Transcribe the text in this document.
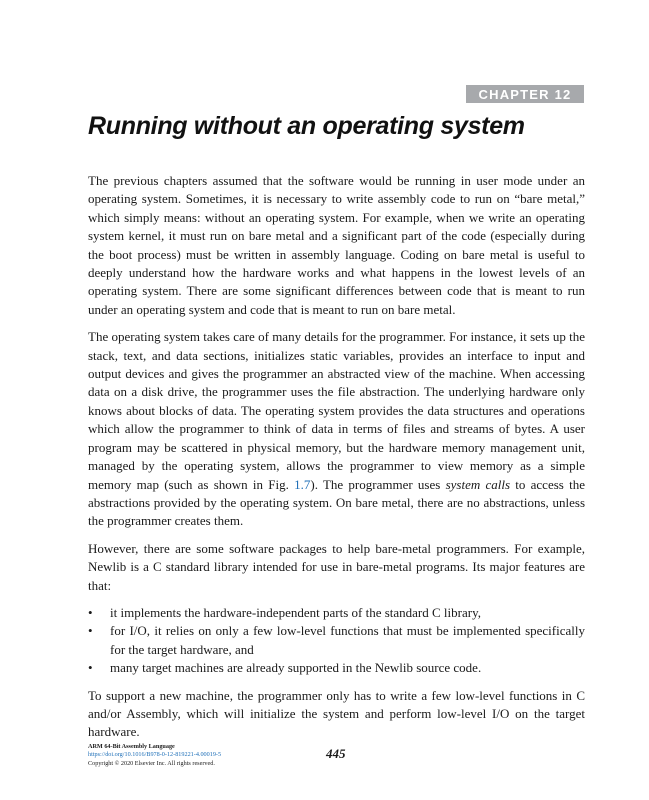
CHAPTER 12
Running without an operating system

The previous chapters assumed that the software would be running in user mode under an operating system. Sometimes, it is necessary to write assembly code to run on “bare metal,” which simply means: without an operating system. For example, when we write an operating system kernel, it must run on bare metal and a significant part of the code (especially during the boot process) must be written in assembly language. Coding on bare metal is useful to deeply understand how the hardware works and what happens in the lowest levels of an operating system. There are some significant differences between code that is meant to run under an operating system and code that is meant to run on bare metal.

The operating system takes care of many details for the programmer. For instance, it sets up the stack, text, and data sections, initializes static variables, provides an interface to input and output devices and gives the programmer an abstracted view of the machine. When accessing data on a disk drive, the programmer uses the file abstraction. The underlying hardware only knows about blocks of data. The operating system provides the data structures and operations which allow the programmer to think of data in terms of files and streams of bytes. A user program may be scattered in physical memory, but the hardware memory management unit, managed by the operating system, allows the programmer to view memory as a simple memory map (such as shown in Fig. 1.7). The programmer uses system calls to access the abstractions provided by the operating system. On bare metal, there are no abstractions, unless the programmer creates them.

However, there are some software packages to help bare-metal programmers. For example, Newlib is a C standard library intended for use in bare-metal programs. Its major features are that:

• it implements the hardware-independent parts of the standard C library,
• for I/O, it relies on only a few low-level functions that must be implemented specifically for the target hardware, and
• many target machines are already supported in the Newlib source code.

To support a new machine, the programmer only has to write a few low-level functions in C and/or Assembly, which will initialize the system and perform low-level I/O on the target hardware.

ARM 64-Bit Assembly Language
https://doi.org/10.1016/B978-0-12-819221-4.00019-5
Copyright © 2020 Elsevier Inc. All rights reserved.
445
